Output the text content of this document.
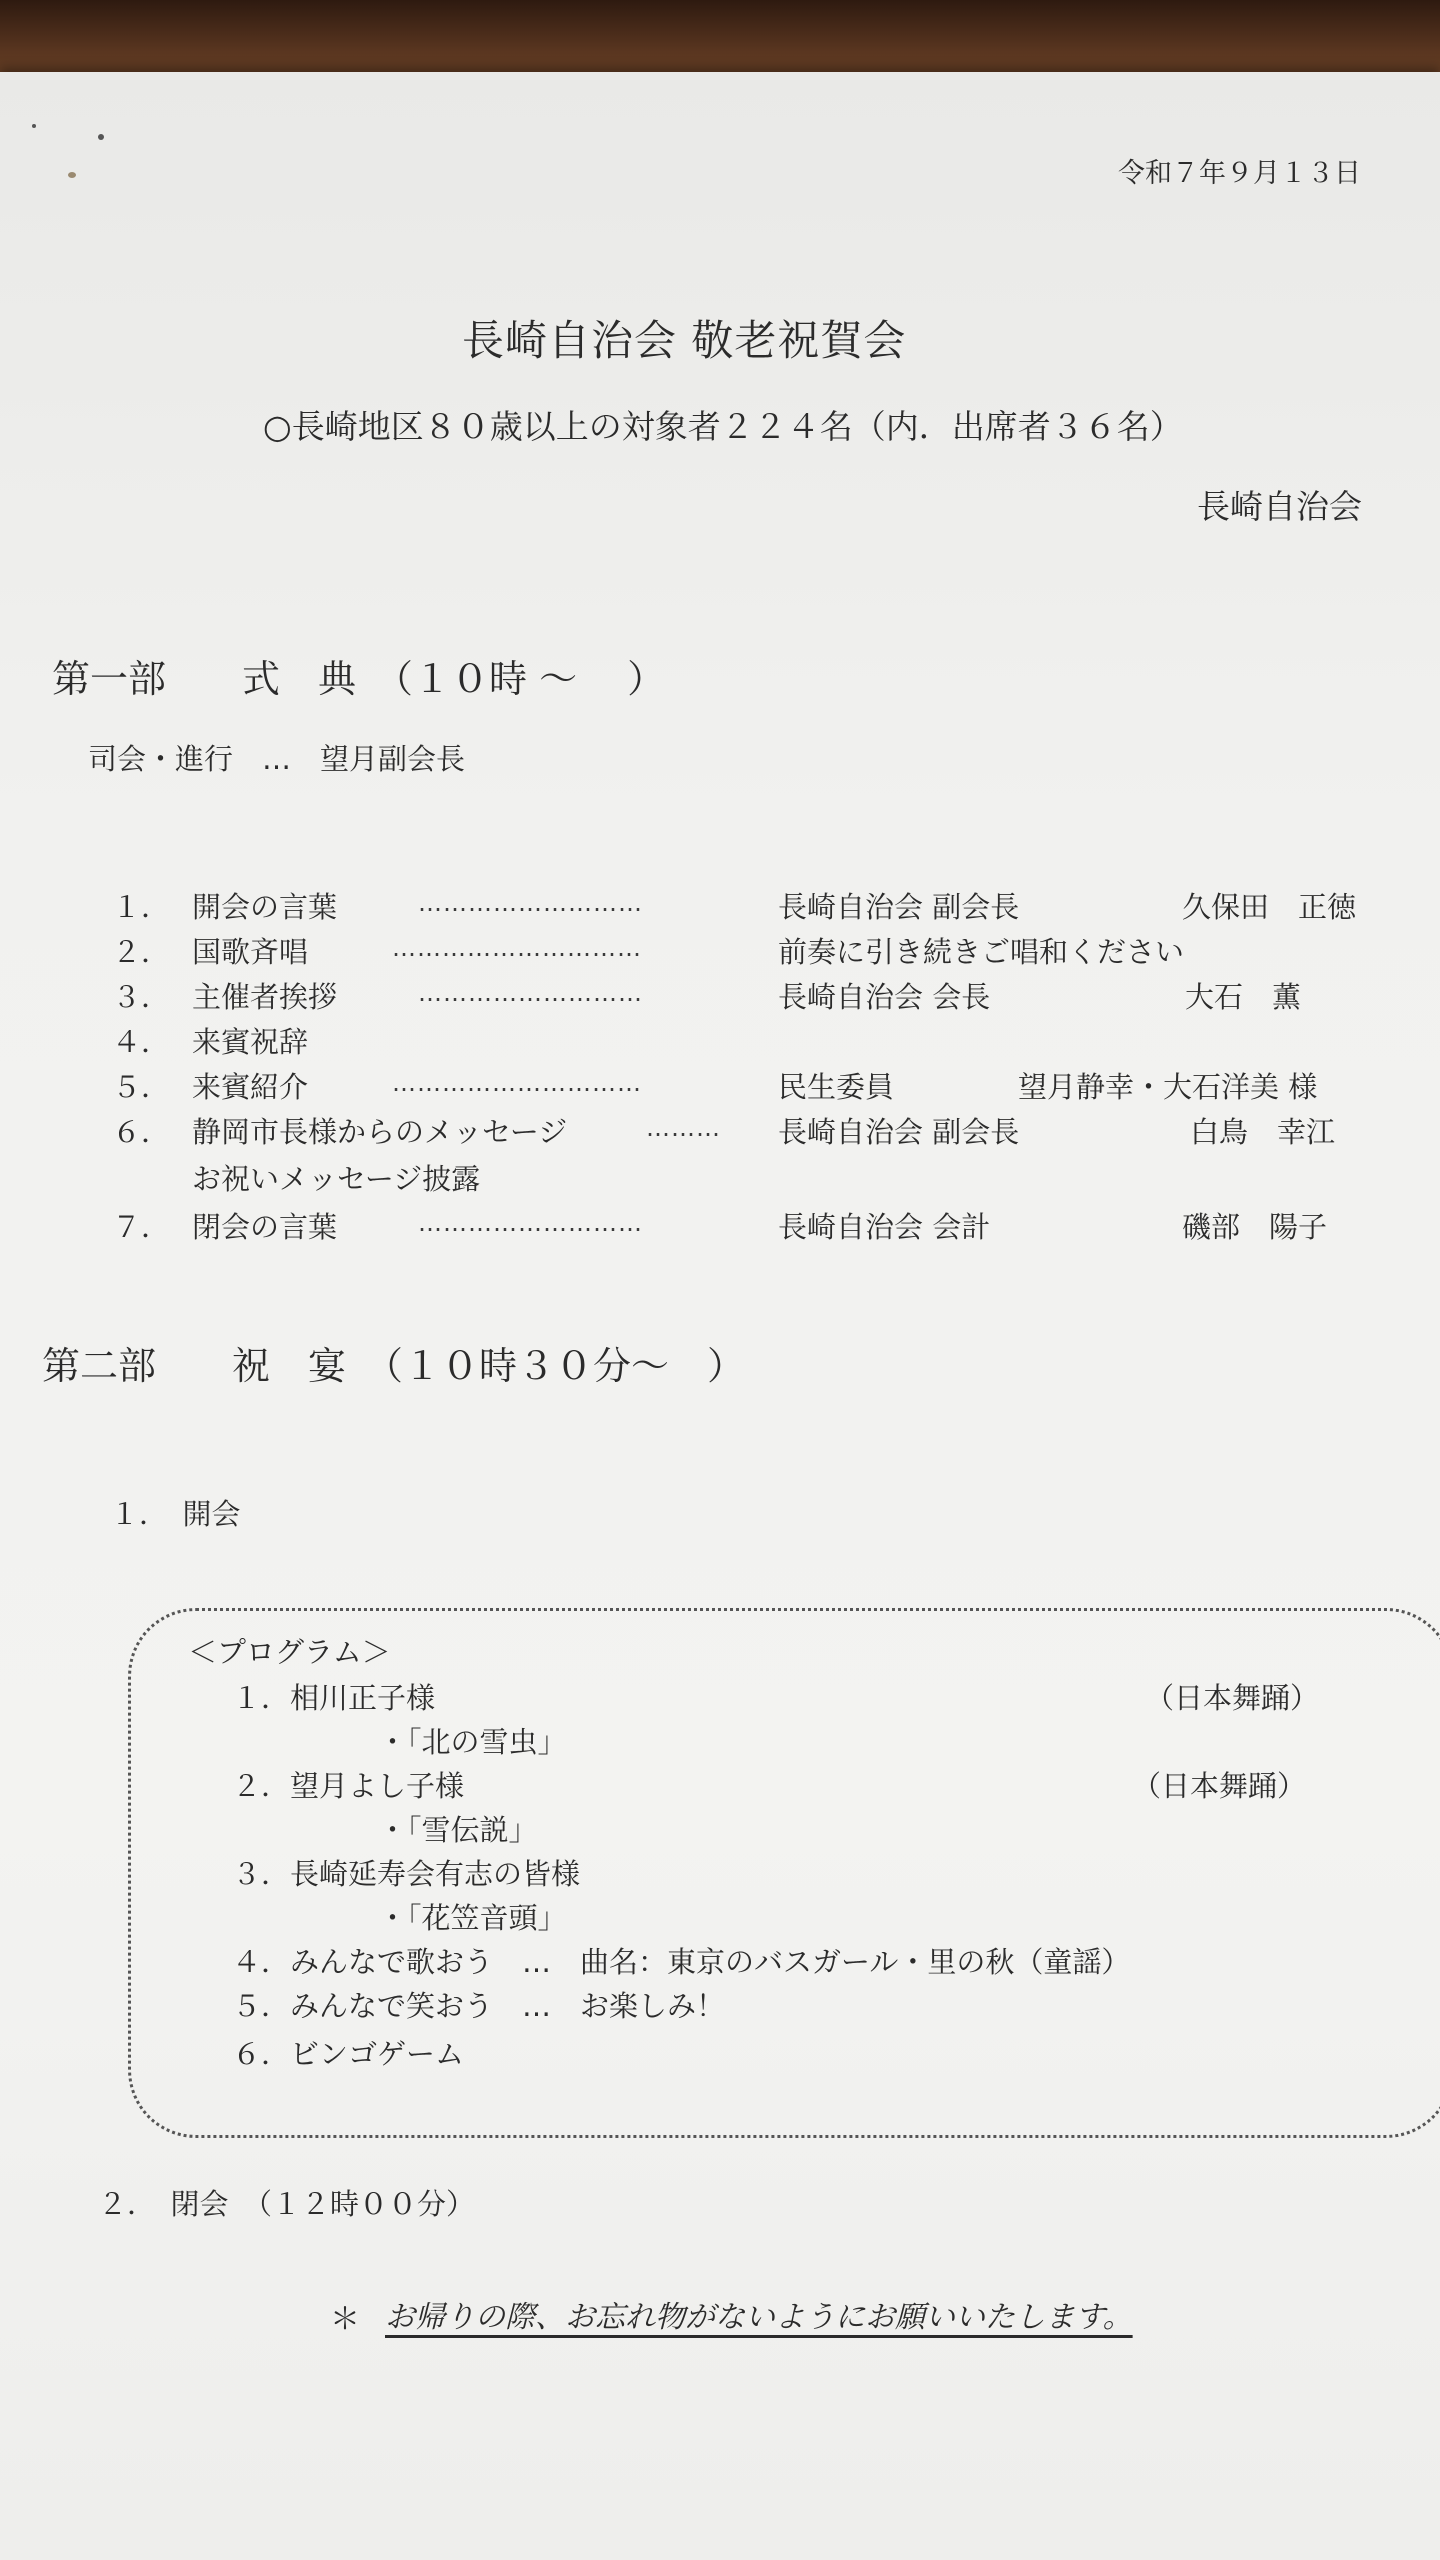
令和７年９月１３日
長崎自治会 敬老祝賀会
○長崎地区８０歳以上の対象者２２４名（内．出席者３６名）
長崎自治会
第一部　　式　典　（１０時 ～　 ）
司会・進行　…　望月副会長
１． 開会の言葉	………………………	長崎自治会 副会長	久保田　正徳
２． 国歌斉唱	…………………………	前奏に引き続きご唱和ください
３． 主催者挨拶	………………………	長崎自治会 会長	大石　薫
４． 来賓祝辞
５． 来賓紹介	…………………………	民生委員	望月静幸・大石洋美 様
６． 静岡市長様からのメッセージ	……… 長崎自治会 副会長	白鳥　幸江
お祝いメッセージ披露
７． 閉会の言葉	………………………	長崎自治会 会計	磯部　陽子
第二部　　祝　宴　（１０時３０分～　）
１．　開会
＜プログラム＞
１．相川正子様	（日本舞踊）
・「北の雪虫」
２．望月よし子様	（日本舞踊）
・「雪伝説」
３．長崎延寿会有志の皆様
・「花笠音頭」
４．みんなで歌おう　…　曲名：東京のバスガール・里の秋（童謡）
５．みんなで笑おう　…　お楽しみ！
６．ビンゴゲーム
２．　閉会　（１２時００分）
＊ お帰りの際、お忘れ物がないようにお願いいたします。
